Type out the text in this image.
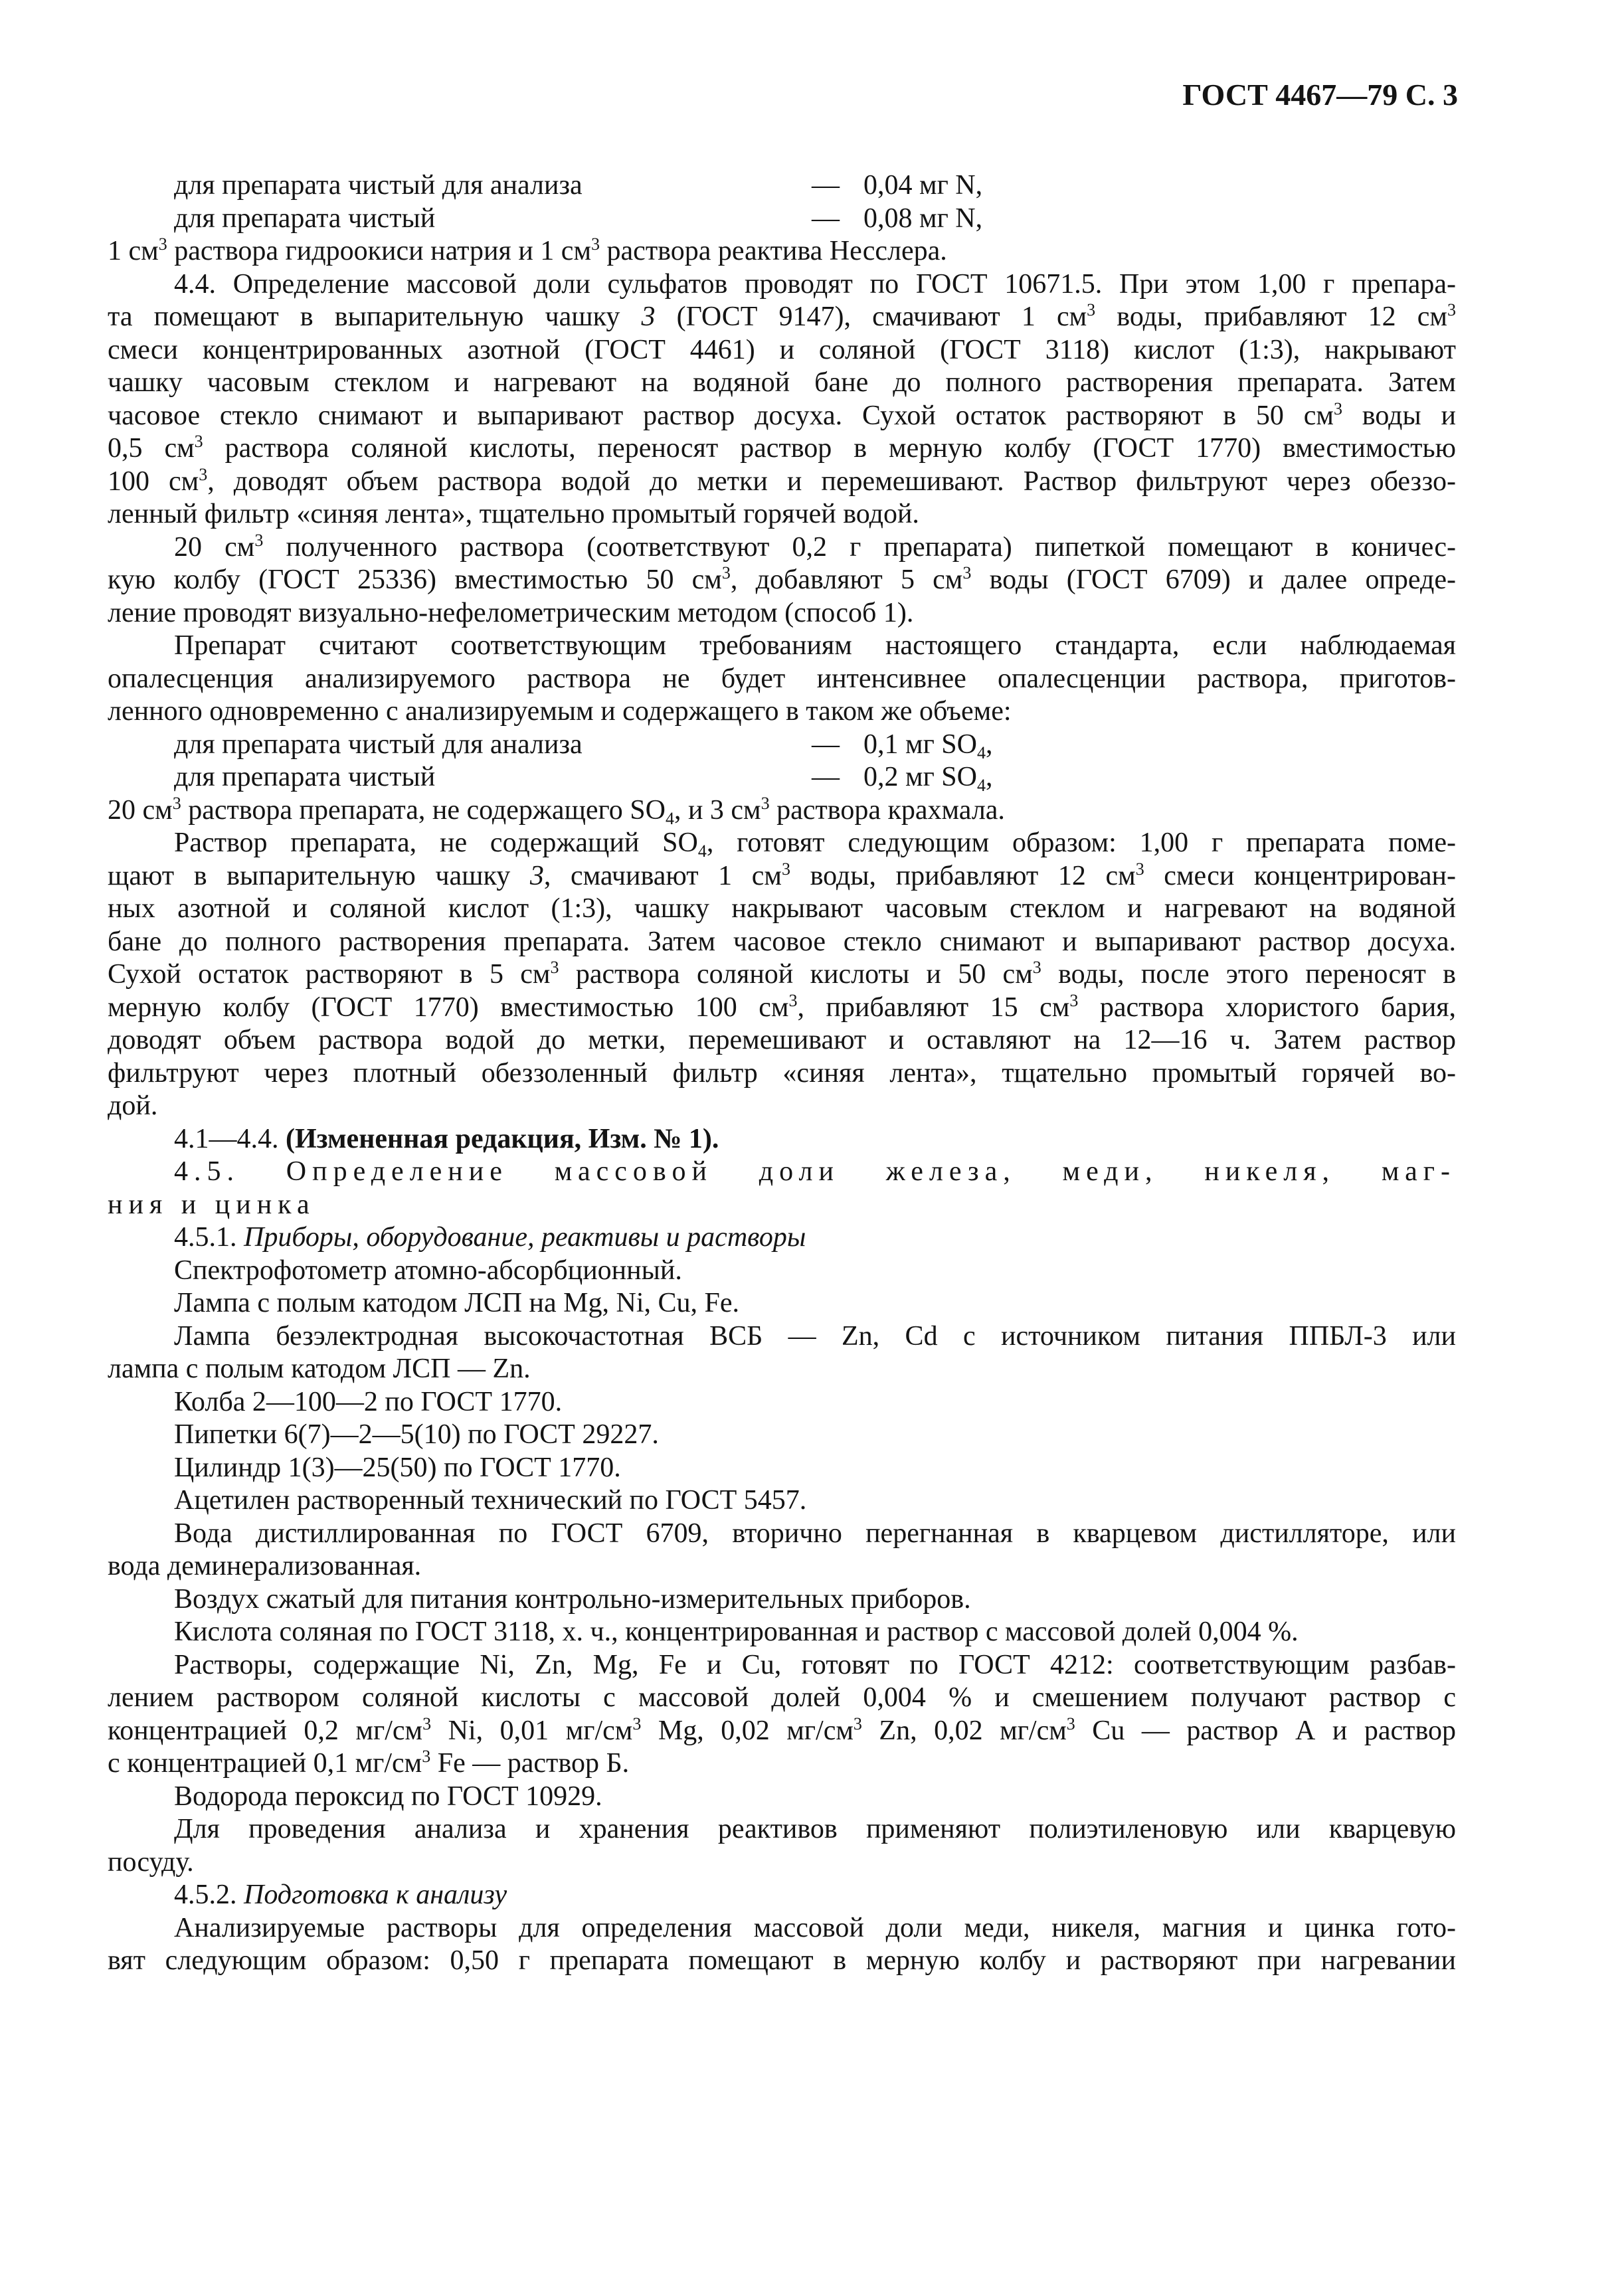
ГОСТ 4467—79 С. 3
для препарата чистый для анализа	— 0,04 мг N,
для препарата чистый	— 0,08 мг N,
1 $см^3$ раствора гидроокиси натрия и 1 $см^3$ раствора реактива Несслера.
4.4. Определение массовой доли сульфатов проводят по ГОСТ 10671.5. При этом 1,00 г препара-
та помещают в выпарительную чашку 3 (ГОСТ 9147), смачивают 1 $см^3$ воды, прибавляют 12 $см^3$
смеси концентрированных азотной (ГОСТ 4461) и соляной (ГОСТ 3118) кислот (1:3), накрывают
чашку часовым стеклом и нагревают на водяной бане до полного растворения препарата. Затем
часовое стекло снимают и выпаривают раствор досуха. Сухой остаток растворяют в 50 $см^3$ воды и
0,5 $см^3$ раствора соляной кислоты, переносят раствор в мерную колбу (ГОСТ 1770) вместимостью
100 $см^3$, доводят объем раствора водой до метки и перемешивают. Раствор фильтруют через обеззо-
ленный фильтр «синяя лента», тщательно промытый горячей водой.
20 $см^3$ полученного раствора (соответствуют 0,2 г препарата) пипеткой помещают в коничес-
кую колбу (ГОСТ 25336) вместимостью 50 $см^3$, добавляют 5 $см^3$ воды (ГОСТ 6709) и далее опреде-
ление проводят визуально-нефелометрическим методом (способ 1).
Препарат считают соответствующим требованиям настоящего стандарта, если наблюдаемая
опалесценция анализируемого раствора не будет интенсивнее опалесценции раствора, приготов-
ленного одновременно с анализируемым и содержащего в таком же объеме:
для препарата чистый для анализа	— 0,1 мг $SO_4$,
для препарата чистый	— 0,2 мг $SO_4$,
20 $см^3$ раствора препарата, не содержащего $SO_4$, и 3 $см^3$ раствора крахмала.
Раствор препарата, не содержащий $SO_4$, готовят следующим образом: 1,00 г препарата поме-
щают в выпарительную чашку 3, смачивают 1 $см^3$ воды, прибавляют 12 $см^3$ смеси концентрирован-
ных азотной и соляной кислот (1:3), чашку накрывают часовым стеклом и нагревают на водяной
бане до полного растворения препарата. Затем часовое стекло снимают и выпаривают раствор досуха.
Сухой остаток растворяют в 5 $см^3$ раствора соляной кислоты и 50 $см^3$ воды, после этого переносят в
мерную колбу (ГОСТ 1770) вместимостью 100 $см^3$, прибавляют 15 $см^3$ раствора хлористого бария,
доводят объем раствора водой до метки, перемешивают и оставляют на 12—16 ч. Затем раствор
фильтруют через плотный обеззоленный фильтр «синяя лента», тщательно промытый горячей во-
дой.
4.1—4.4. (Измененная редакция, Изм. № 1).
4.5. Определение массовой доли железа, меди, никеля, маг-
ния и цинка
4.5.1. Приборы, оборудование, реактивы и растворы
Спектрофотометр атомно-абсорбционный.
Лампа с полым катодом ЛСП на Mg, Ni, Cu, Fe.
Лампа безэлектродная высокочастотная ВСБ — Zn, Cd с источником питания ППБЛ-3 или
лампа с полым катодом ЛСП — Zn.
Колба 2—100—2 по ГОСТ 1770.
Пипетки 6(7)—2—5(10) по ГОСТ 29227.
Цилиндр 1(3)—25(50) по ГОСТ 1770.
Ацетилен растворенный технический по ГОСТ 5457.
Вода дистиллированная по ГОСТ 6709, вторично перегнанная в кварцевом дистилляторе, или
вода деминерализованная.
Воздух сжатый для питания контрольно-измерительных приборов.
Кислота соляная по ГОСТ 3118, х. ч., концентрированная и раствор с массовой долей 0,004 %.
Растворы, содержащие Ni, Zn, Mg, Fe и Cu, готовят по ГОСТ 4212: соответствующим разбав-
лением раствором соляной кислоты с массовой долей 0,004 % и смешением получают раствор с
концентрацией 0,2 $мг/см^3$ Ni, 0,01 $мг/см^3$ Mg, 0,02 $мг/см^3$ Zn, 0,02 $мг/см^3$ Cu — раствор А и раствор
с концентрацией 0,1 $мг/см^3$ Fe — раствор Б.
Водорода пероксид по ГОСТ 10929.
Для проведения анализа и хранения реактивов применяют полиэтиленовую или кварцевую
посуду.
4.5.2. Подготовка к анализу
Анализируемые растворы для определения массовой доли меди, никеля, магния и цинка гото-
вят следующим образом: 0,50 г препарата помещают в мерную колбу и растворяют при нагревании
